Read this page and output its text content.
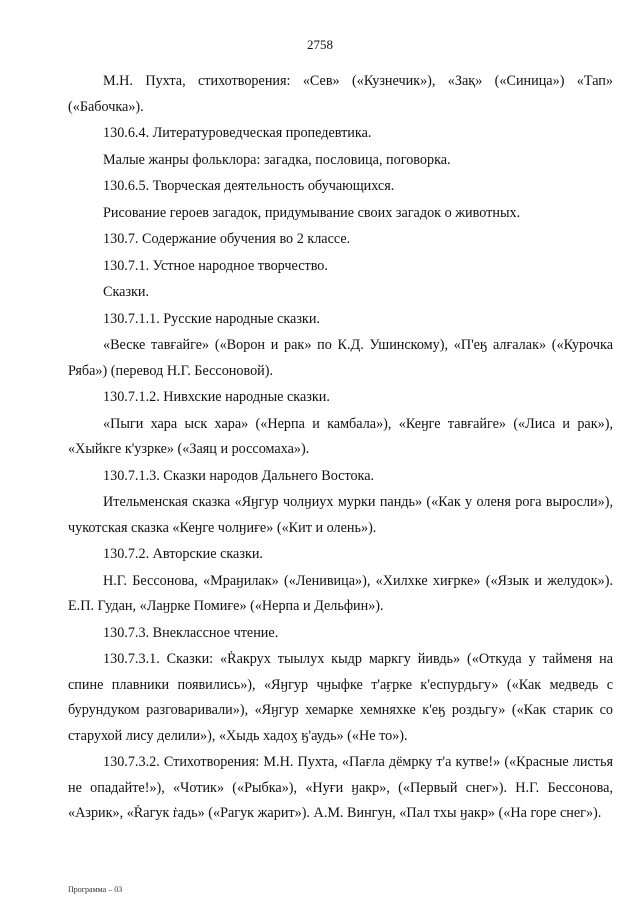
2758

М.Н. Пухта, стихотворения: «Сев» («Кузнечик»), «Зақ» («Синица») «Тап» («Бабочка»).

130.6.4. Литературоведческая пропедевтика.

Малые жанры фольклора: загадка, пословица, поговорка.

130.6.5. Творческая деятельность обучающихся.

Рисование героев загадок, придумывание своих загадок о животных.

130.7. Содержание обучения во 2 классе.

130.7.1. Устное народное творчество.

Сказки.

130.7.1.1. Русские народные сказки.

«Веске тавғайге» («Ворон и рак» по К.Д. Ушинскому), «П'еӄ алғалак» («Курочка Ряба») (перевод Н.Г. Бессоновой).

130.7.1.2. Нивхские народные сказки.

«Пыги хара ыск хара» («Нерпа и камбала»), «Кеӈге тавғайге» («Лиса и рак»), «Хыйкге к'узрке» («Заяц и россомаха»).

130.7.1.3. Сказки народов Дальнего Востока.

Ительменская сказка «Яӈгур чолӈиух мурки пандь» («Как у оленя рога выросли»), чукотская сказка «Кеӈге чолӈиғе» («Кит и олень»).

130.7.2. Авторские сказки.

Н.Г. Бессонова, «Мраӈилак» («Ленивица»), «Хилхке хиғрке» («Язык и желудок»). Е.П. Гудан, «Лаӈрке Помиғе» («Нерпа и Дельфин»).

130.7.3. Внеклассное чтение.

130.7.3.1. Сказки: «Ṙакрух тыылух кыдр маркгу йивдь» («Откуда у тайменя на спине плавники появились»), «Яӈгур чӈыфке т'аӻрке к'еспурдьгу» («Как медведь с бурундуком разговаривали»), «Яӈгур хемарке хемняхке к'еӄ роздьгу» («Как старик со старухой лису делили»), «Хыдь хадоӽ ӄ'аудь» («Не то»).

130.7.3.2. Стихотворения: М.Н. Пухта, «Пағла дёмрку т'а кутве!» («Красные листья не опадайте!»), «Чотик» («Рыбка»), «Нуғи ӈакр», («Первый снег»). Н.Г. Бессонова, «Азрик», «Ṙагук ṙадь» («Рагук жарит»). А.М. Вингун, «Пал тхы ӈакр» («На горе снег»).

Программа – 03
